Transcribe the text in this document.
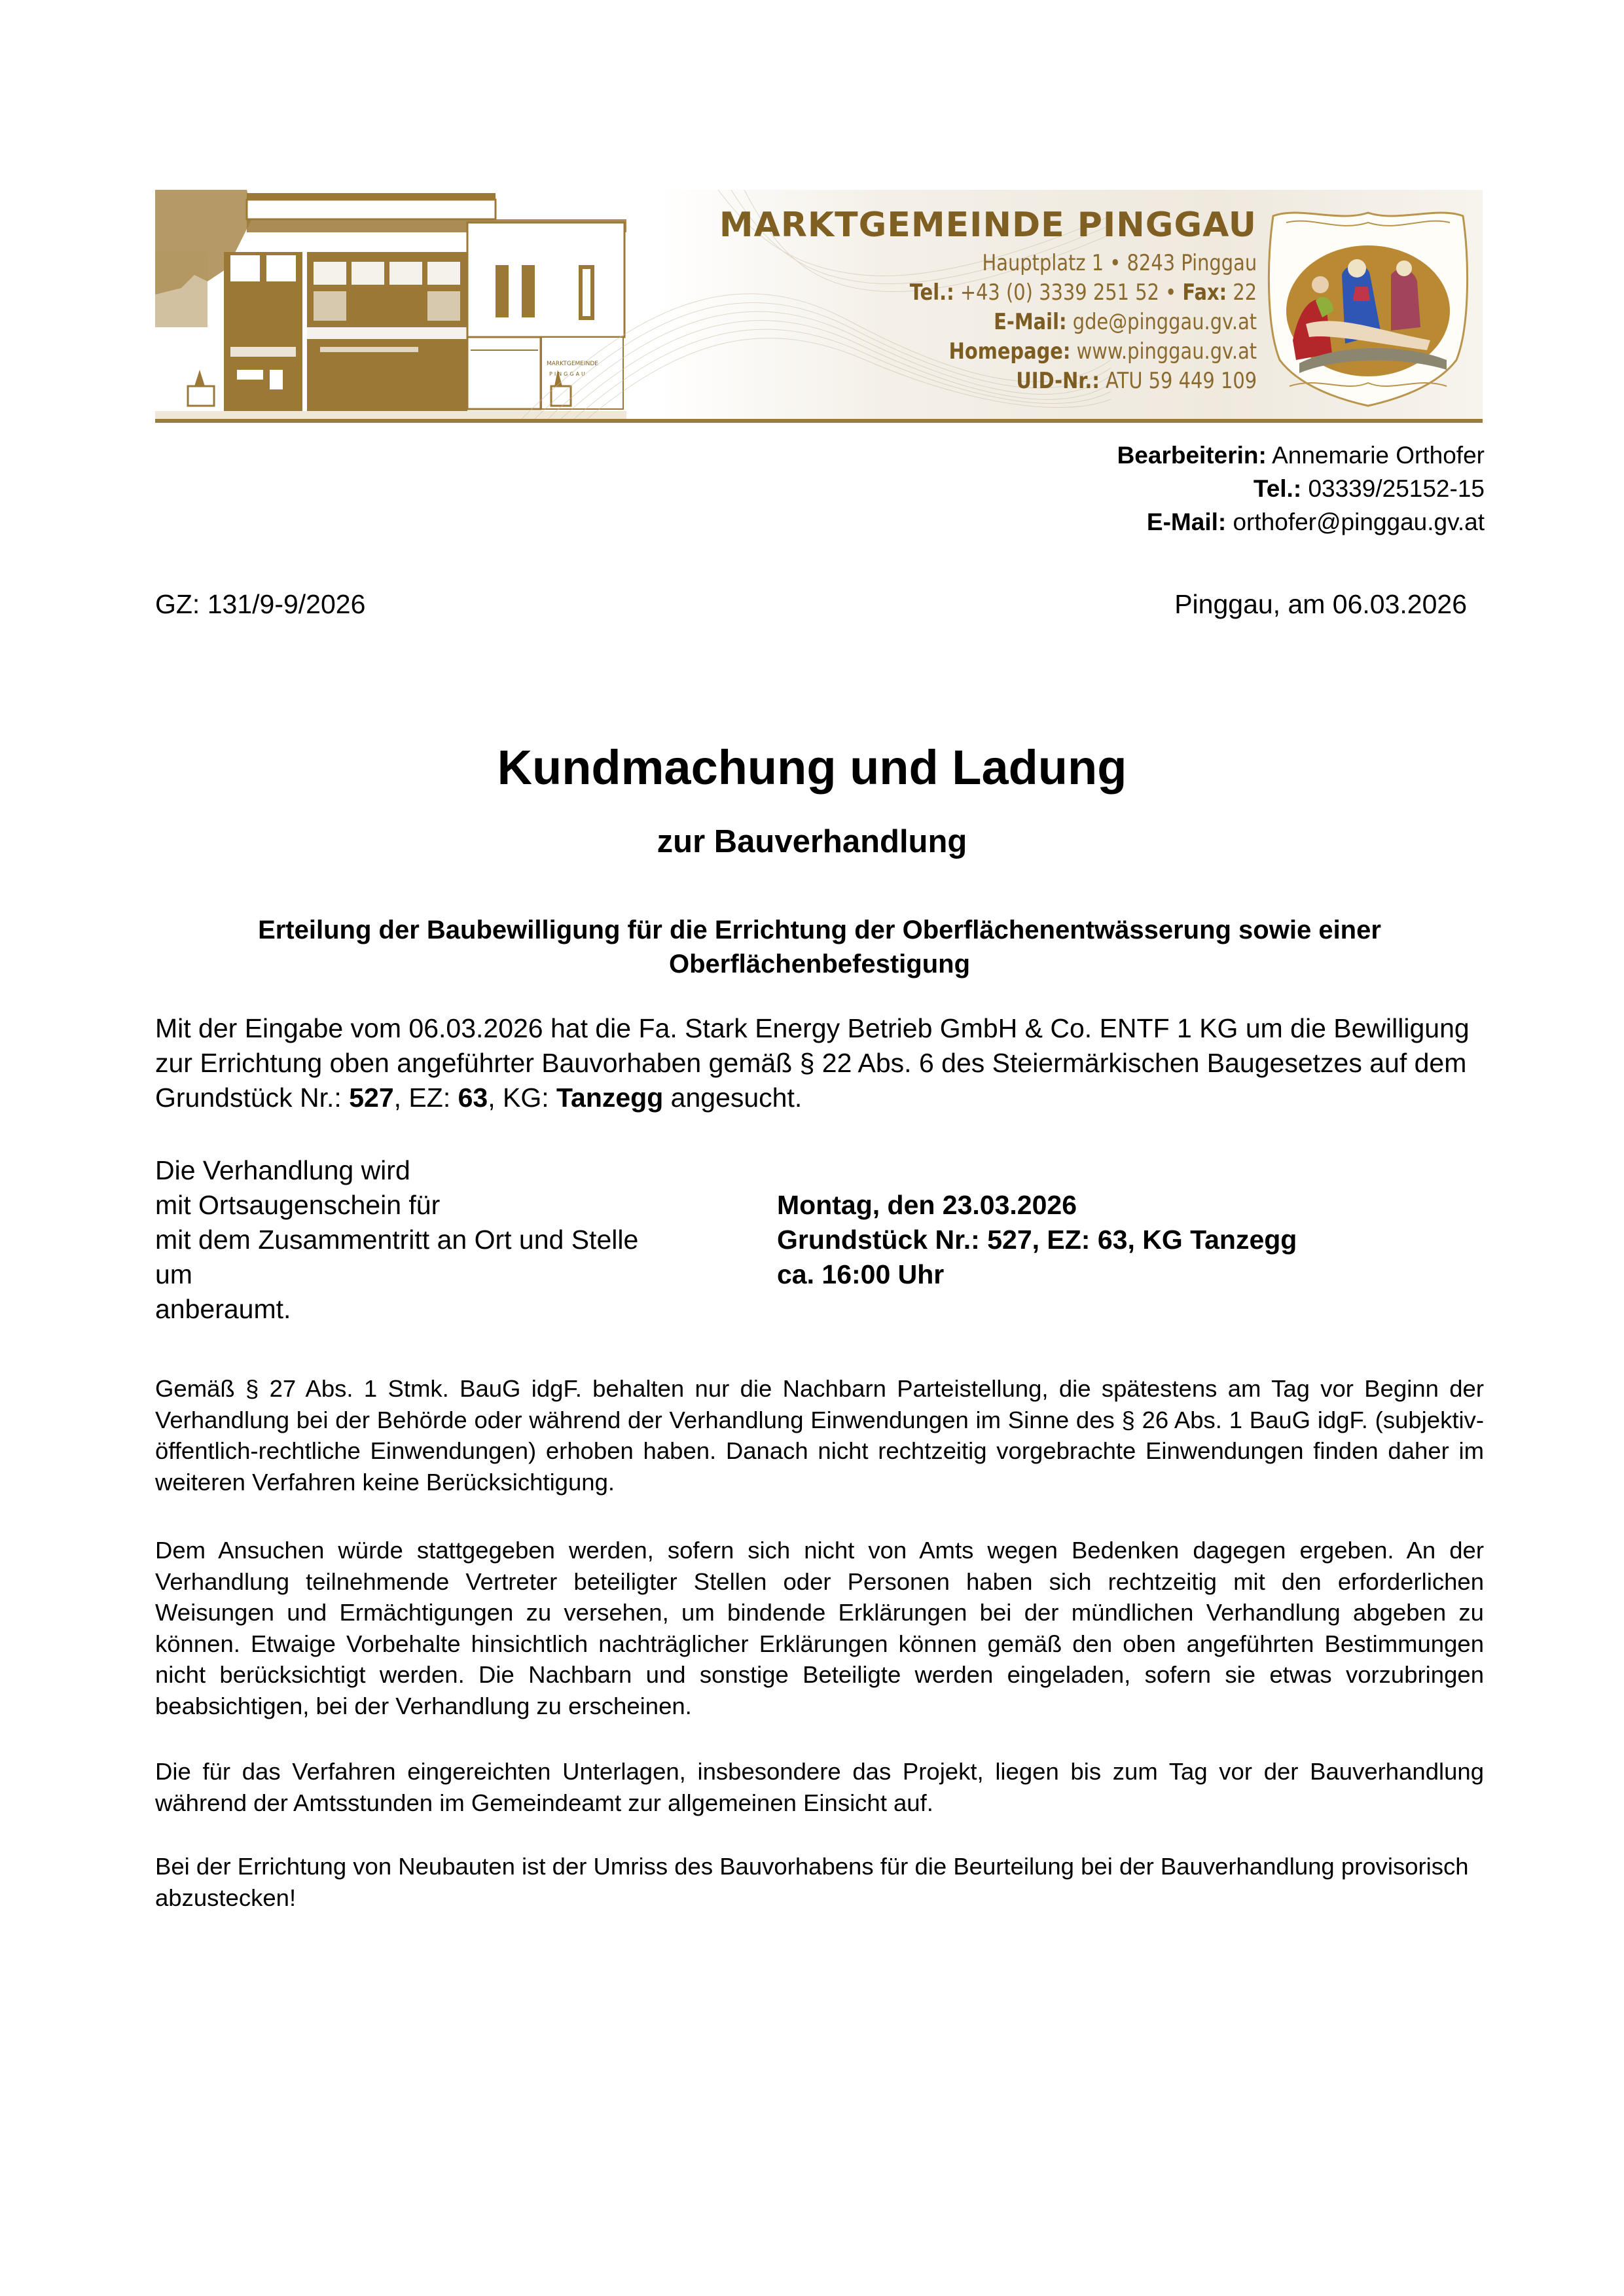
MARKTGEMEINDE
PINGGAU
MARKTGEMEINDE PINGGAU
Hauptplatz 1 • 8243 Pinggau
Tel.: +43 (0) 3339 251 52 • Fax: 22
E-Mail: gde@pinggau.gv.at
Homepage: www.pinggau.gv.at
UID-Nr.: ATU 59 449 109
Bearbeiterin: Annemarie Orthofer
Tel.: 03339/25152-15
E-Mail: orthofer@pinggau.gv.at
GZ: 131/9-9/2026	Pinggau, am 06.03.2026
Kundmachung und Ladung
zur Bauverhandlung
Erteilung der Baubewilligung für die Errichtung der Oberflächenentwässerung sowie einer Oberflächenbefestigung
Mit der Eingabe vom 06.03.2026 hat die Fa. Stark Energy Betrieb GmbH & Co. ENTF 1 KG um die Bewilligung zur Errichtung oben angeführter Bauvorhaben gemäß § 22 Abs. 6 des Steiermärkischen Baugesetzes auf dem Grundstück Nr.: 527, EZ: 63, KG: Tanzegg angesucht.
Die Verhandlung wird
mit Ortsaugenschein für
mit dem Zusammentritt an Ort und Stelle
um
anberaumt.
Montag, den 23.03.2026
Grundstück Nr.: 527, EZ: 63, KG Tanzegg
ca. 16:00 Uhr
Gemäß § 27 Abs. 1 Stmk. BauG idgF. behalten nur die Nachbarn Parteistellung, die spätestens am Tag vor Beginn der Verhandlung bei der Behörde oder während der Verhandlung Einwendungen im Sinne des § 26 Abs. 1 BauG idgF. (subjektiv-öffentlich-rechtliche Einwendungen) erhoben haben. Danach nicht rechtzeitig vorgebrachte Einwendungen finden daher im weiteren Verfahren keine Berücksichtigung.
Dem Ansuchen würde stattgegeben werden, sofern sich nicht von Amts wegen Bedenken dagegen ergeben. An der Verhandlung teilnehmende Vertreter beteiligter Stellen oder Personen haben sich rechtzeitig mit den erforderlichen Weisungen und Ermächtigungen zu versehen, um bindende Erklärungen bei der mündlichen Verhandlung abgeben zu können. Etwaige Vorbehalte hinsichtlich nachträglicher Erklärungen können gemäß den oben angeführten Bestimmungen nicht berücksichtigt werden. Die Nachbarn und sonstige Beteiligte werden eingeladen, sofern sie etwas vorzubringen beabsichtigen, bei der Verhandlung zu erscheinen.
Die für das Verfahren eingereichten Unterlagen, insbesondere das Projekt, liegen bis zum Tag vor der Bauverhandlung während der Amtsstunden im Gemeindeamt zur allgemeinen Einsicht auf.
Bei der Errichtung von Neubauten ist der Umriss des Bauvorhabens für die Beurteilung bei der Bauverhandlung provisorisch abzustecken!
